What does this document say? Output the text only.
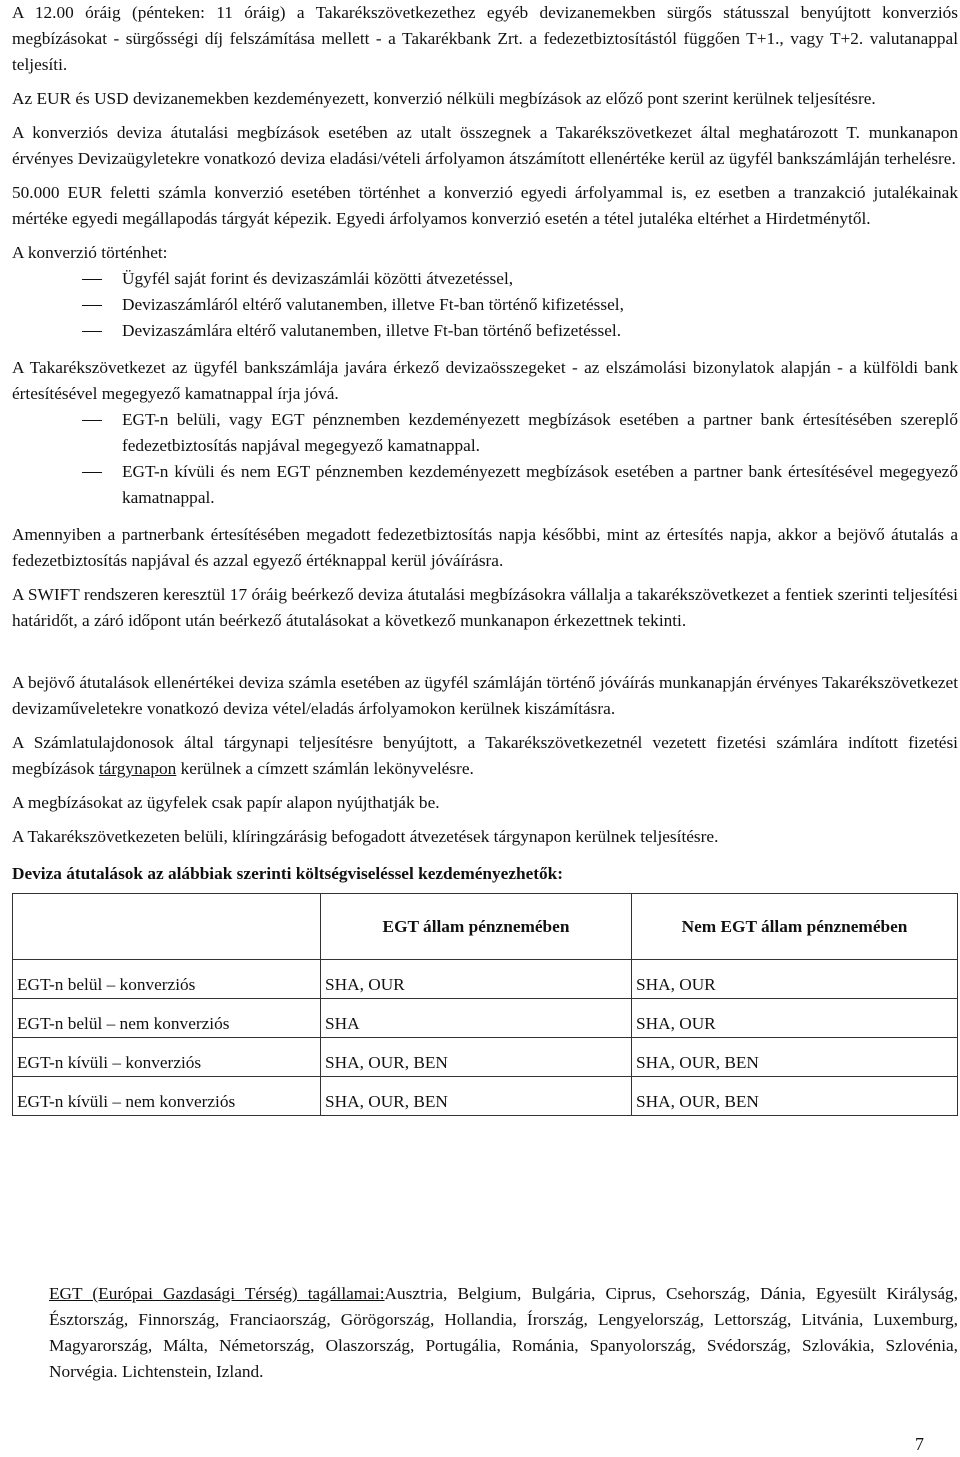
A 12.00 óráig (pénteken: 11 óráig) a Takarékszövetkezethez egyéb devizanemekben sürgős státusszal benyújtott konverziós megbízásokat - sürgősségi díj felszámítása mellett - a Takarékbank Zrt. a fedezetbiztosítástól függően T+1., vagy T+2. valutanappal teljesíti.

Az EUR és USD devizanemekben kezdeményezett, konverzió nélküli megbízások az előző pont szerint kerülnek teljesítésre.

A konverziós deviza átutalási megbízások esetében az utalt összegnek a Takarékszövetkezet által meghatározott T. munkanapon érvényes Devizaügyletekre vonatkozó deviza eladási/vételi árfolyamon átszámított ellenértéke kerül az ügyfél bankszámláján terhelésre.

50.000 EUR feletti számla konverzió esetében történhet a konverzió egyedi árfolyammal is, ez esetben a tranzakció jutalékainak mértéke egyedi megállapodás tárgyát képezik. Egyedi árfolyamos konverzió esetén a tétel jutaléka eltérhet a Hirdetménytől.

A konverzió történhet:

Ügyfél saját forint és devizaszámlái közötti átvezetéssel,
Devizaszámláról eltérő valutanemben, illetve Ft-ban történő kifizetéssel,
Devizaszámlára eltérő valutanemben, illetve Ft-ban történő befizetéssel.

A Takarékszövetkezet az ügyfél bankszámlája javára érkező devizaösszegeket - az elszámolási bizonylatok alapján - a külföldi bank értesítésével megegyező kamatnappal írja jóvá.

EGT-n belüli, vagy EGT pénznemben kezdeményezett megbízások esetében a partner bank értesítésében szereplő fedezetbiztosítás napjával megegyező kamatnappal.
EGT-n kívüli és nem EGT pénznemben kezdeményezett megbízások esetében a partner bank értesítésével megegyező kamatnappal.

Amennyiben a partnerbank értesítésében megadott fedezetbiztosítás napja későbbi, mint az értesítés napja, akkor a bejövő átutalás a fedezetbiztosítás napjával és azzal egyező értéknappal kerül jóváírásra.

A SWIFT rendszeren keresztül 17 óráig beérkező deviza átutalási megbízásokra vállalja a takarékszövetkezet a fentiek szerinti teljesítési határidőt, a záró időpont után beérkező átutalásokat a következő munkanapon érkezettnek tekinti.

A bejövő átutalások ellenértékei deviza számla esetében az ügyfél számláján történő jóváírás munkanapján érvényes Takarékszövetkezet devizaműveletekre vonatkozó deviza vétel/eladás árfolyamokon kerülnek kiszámításra.

A Számlatulajdonosok által tárgynapi teljesítésre benyújtott, a Takarékszövetkezetnél vezetett fizetési számlára indított fizetési megbízások tárgynapon kerülnek a címzett számlán lekönyvelésre.

A megbízásokat az ügyfelek csak papír alapon nyújthatják be.

A Takarékszövetkezeten belüli, klíringzárásig befogadott átvezetések tárgynapon kerülnek teljesítésre.

Deviza átutalások az alábbiak szerinti költségviseléssel kezdeményezhetők:
	EGT állam pénznemében	Nem EGT állam pénznemében
EGT-n belül – konverziós	SHA, OUR	SHA, OUR
EGT-n belül – nem konverziós	SHA	SHA, OUR
EGT-n kívüli – konverziós	SHA, OUR, BEN	SHA, OUR, BEN
EGT-n kívüli – nem konverziós	SHA, OUR, BEN	SHA, OUR, BEN
EGT (Európai Gazdasági Térség) tagállamai:Ausztria, Belgium, Bulgária, Ciprus, Csehország, Dánia, Egyesült Királyság, Észtország, Finnország, Franciaország, Görögország, Hollandia, Írország, Lengyelország, Lettország, Litvánia, Luxemburg, Magyarország, Málta, Németország, Olaszország, Portugália, Románia, Spanyolország, Svédország, Szlovákia, Szlovénia, Norvégia. Lichtenstein, Izland.
7
